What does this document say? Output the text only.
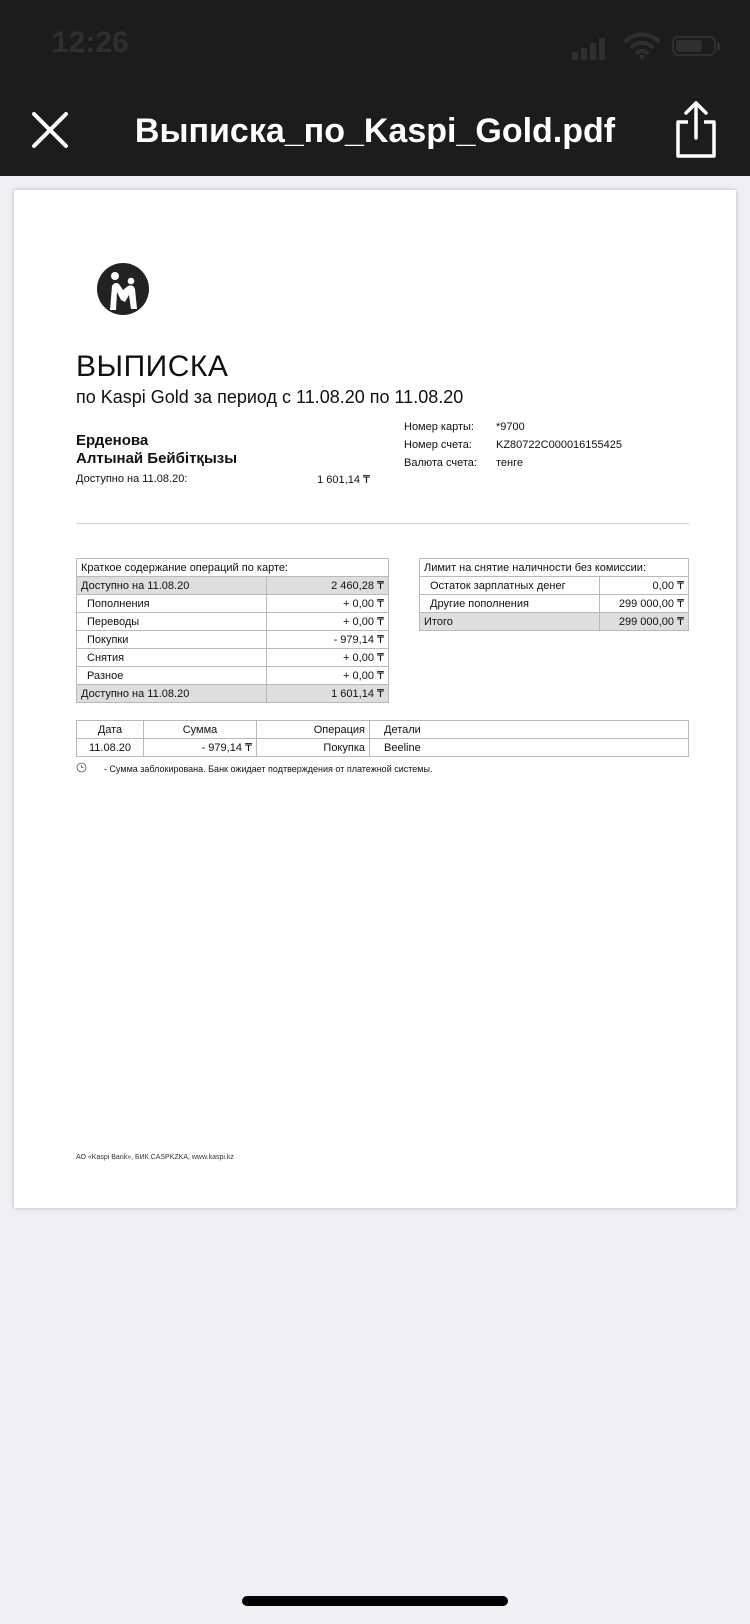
12:26
Выписка_по_Kaspi_Gold.pdf
ВЫПИСКА
по Kaspi Gold за период с 11.08.20 по 11.08.20
Ерденова
Алтынай Бейбітқызы
Доступно на 11.08.20:	1 601,14 ₸
Номер карты: *9700
Номер счета: KZ80722C000016155425
Валюта счета: тенге
Краткое содержание операций по карте:	
Доступно на 11.08.20	2 460,28 ₸
Пополнения	+ 0,00 ₸
Переводы	+ 0,00 ₸
Покупки	- 979,14 ₸
Снятия	+ 0,00 ₸
Разное	+ 0,00 ₸
Доступно на 11.08.20	1 601,14 ₸
Лимит на снятие наличности без комиссии:	
Остаток зарплатных денег	0,00 ₸
Другие пополнения	299 000,00 ₸
Итого	299 000,00 ₸
Дата	Сумма	Операция	Детали
11.08.20	- 979,14 ₸	Покупка	Beeline
- Сумма заблокирована. Банк ожидает подтверждения от платежной системы.
АО «Kaspi Bank», БИК CASPKZKA, www.kaspi.kz
